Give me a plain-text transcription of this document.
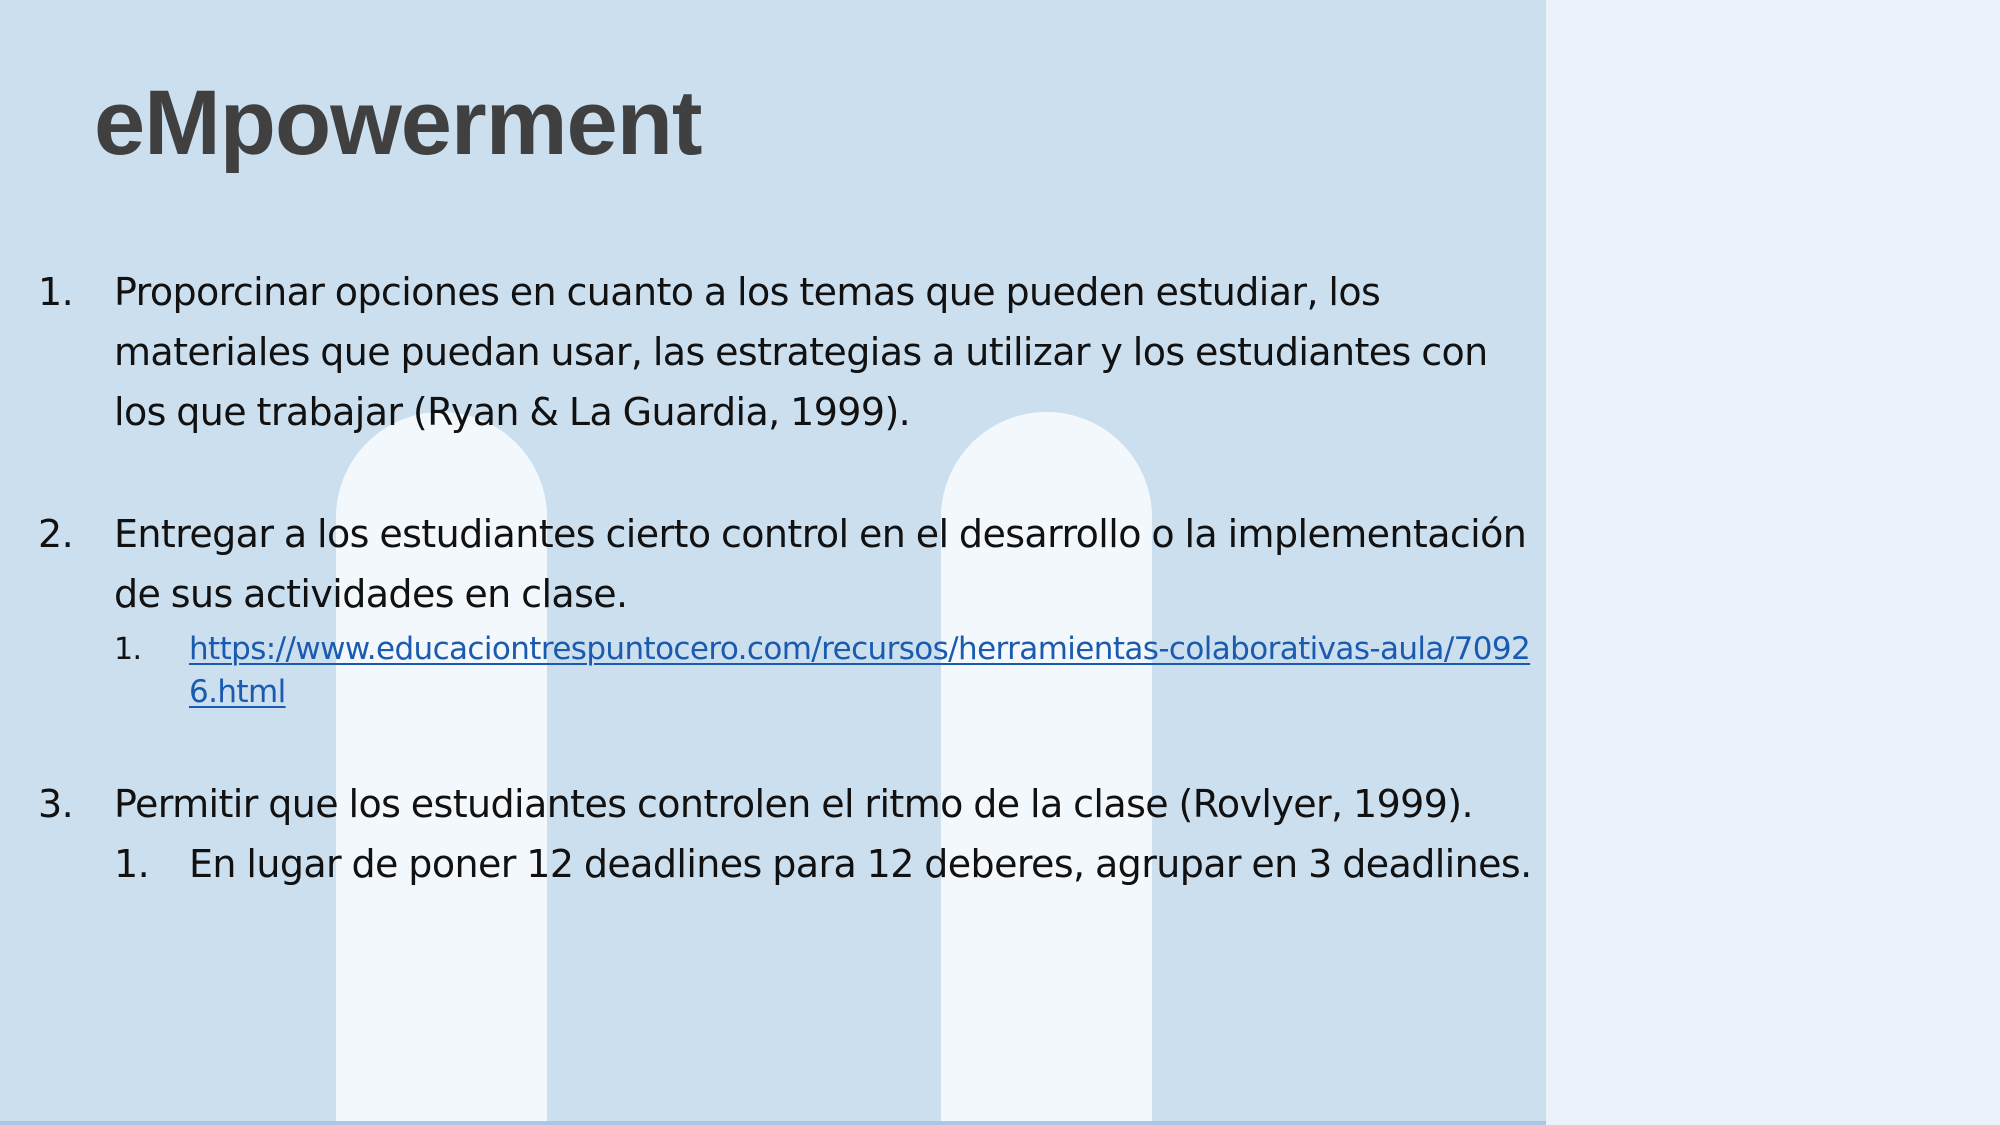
eMpowerment
1. Proporcinar opciones en cuanto a los temas que pueden estudiar, los materiales que puedan usar, las estrategias a utilizar y los estudiantes con los que trabajar (Ryan & La Guardia, 1999).
2. Entregar a los estudiantes cierto control en el desarrollo o la implementación de sus actividades en clase.
1. https://www.educaciontrespuntocero.com/recursos/herramientas-colaborativas-aula/70926.html
3. Permitir que los estudiantes controlen el ritmo de la clase (Rovlyer, 1999).
1. En lugar de poner 12 deadlines para 12 deberes, agrupar en 3 deadlines.
